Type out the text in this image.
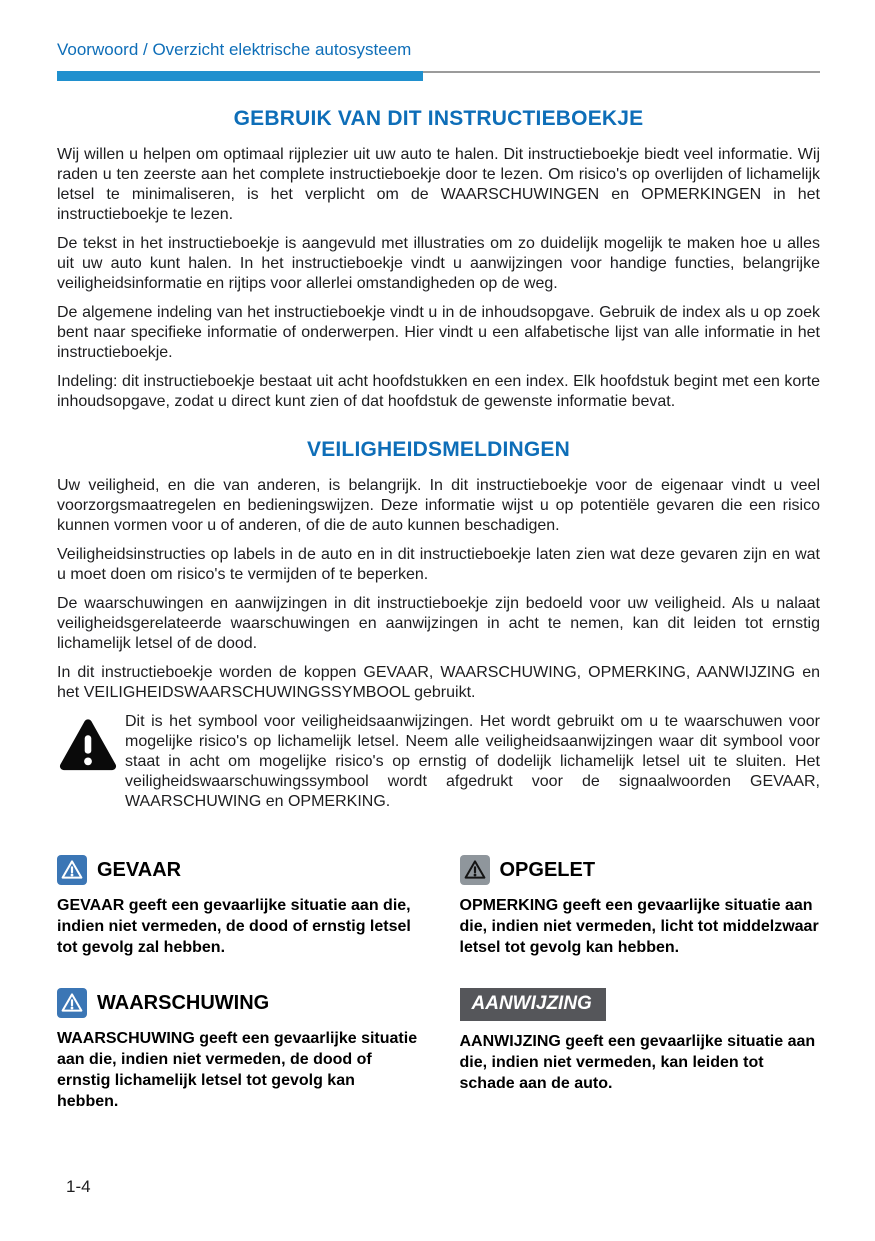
Voorwoord / Overzicht elektrische autosysteem
GEBRUIK VAN DIT INSTRUCTIEBOEKJE

Wij willen u helpen om optimaal rijplezier uit uw auto te halen. Dit instructieboekje biedt veel informatie. Wij raden u ten zeerste aan het complete instructieboekje door te lezen. Om risico's op overlijden of lichamelijk letsel te minimaliseren, is het verplicht om de WAARSCHUWINGEN en OPMERKINGEN in het instructieboekje te lezen.

De tekst in het instructieboekje is aangevuld met illustraties om zo duidelijk mogelijk te maken hoe u alles uit uw auto kunt halen. In het instructieboekje vindt u aanwijzingen voor handige functies, belangrijke veiligheidsinformatie en rijtips voor allerlei omstandigheden op de weg.

De algemene indeling van het instructieboekje vindt u in de inhoudsopgave. Gebruik de index als u op zoek bent naar specifieke informatie of onderwerpen. Hier vindt u een alfabetische lijst van alle informatie in het instructieboekje.

Indeling: dit instructieboekje bestaat uit acht hoofdstukken en een index. Elk hoofdstuk begint met een korte inhoudsopgave, zodat u direct kunt zien of dat hoofdstuk de gewenste informatie bevat.

VEILIGHEIDSMELDINGEN

Uw veiligheid, en die van anderen, is belangrijk. In dit instructieboekje voor de eigenaar vindt u veel voorzorgsmaatregelen en bedieningswijzen. Deze informatie wijst u op potentiële gevaren die een risico kunnen vormen voor u of anderen, of die de auto kunnen beschadigen.

Veiligheidsinstructies op labels in de auto en in dit instructieboekje laten zien wat deze gevaren zijn en wat u moet doen om risico's te vermijden of te beperken.

De waarschuwingen en aanwijzingen in dit instructieboekje zijn bedoeld voor uw veiligheid. Als u nalaat veiligheidsgerelateerde waarschuwingen en aanwijzingen in acht te nemen, kan dit leiden tot ernstig lichamelijk letsel of de dood.

In dit instructieboekje worden de koppen GEVAAR, WAARSCHUWING, OPMERKING, AANWIJZING en het VEILIGHEIDSWAARSCHUWINGSSYMBOOL gebruikt.

Dit is het symbool voor veiligheidsaanwijzingen. Het wordt gebruikt om u te waarschuwen voor mogelijke risico's op lichamelijk letsel. Neem alle veiligheidsaanwijzingen waar dit symbool voor staat in acht om mogelijke risico's op ernstig of dodelijk lichamelijk letsel uit te sluiten. Het veiligheidswaarschuwingssymbool wordt afgedrukt voor de signaalwoorden GEVAAR, WAARSCHUWING en OPMERKING.

GEVAAR

GEVAAR geeft een gevaarlijke situatie aan die, indien niet vermeden, de dood of ernstig letsel tot gevolg zal hebben.

WAARSCHUWING

WAARSCHUWING geeft een gevaarlijke situatie aan die, indien niet vermeden, de dood of ernstig lichamelijk letsel tot gevolg kan hebben.

OPGELET

OPMERKING geeft een gevaarlijke situatie aan die, indien niet vermeden, licht tot middelzwaar letsel tot gevolg kan hebben.

AANWIJZING

AANWIJZING geeft een gevaarlijke situatie aan die, indien niet vermeden, kan leiden tot schade aan de auto.

1-4
